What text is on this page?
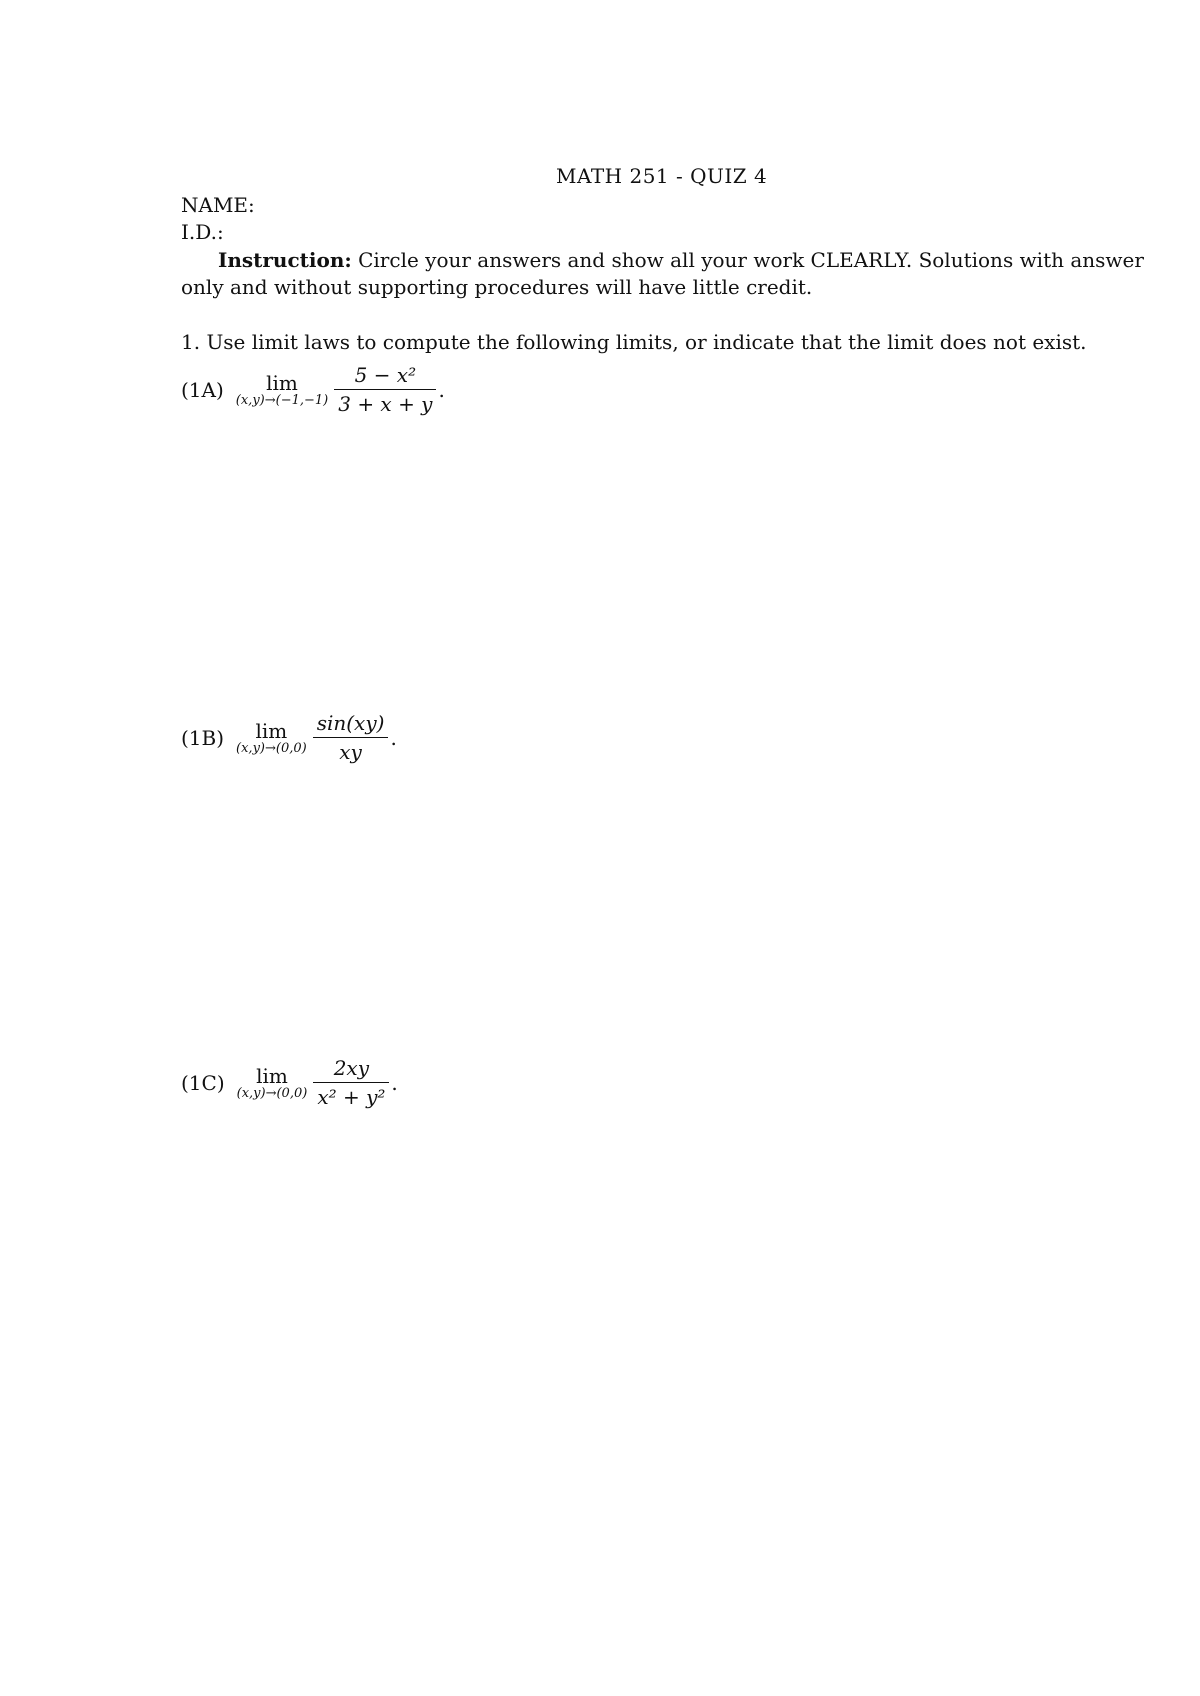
MATH 251 - QUIZ 4
NAME:
I.D.:
Instruction: Circle your answers and show all your work CLEARLY. Solutions with answer
only and without supporting procedures will have little credit.
1. Use limit laws to compute the following limits, or indicate that the limit does not exist.
(1A) lim
$(x,y)\to(-1,-1) \frac{\text{5 − x²}}{3 + x + y}$ .
(1B) lim
$(x,y)\to(0,0) \frac{\sin(xy)}{xy}$ .
(1C) lim
$(x,y)\to(0,0) \frac{2xy}{\text{x² + y²}}$ .
